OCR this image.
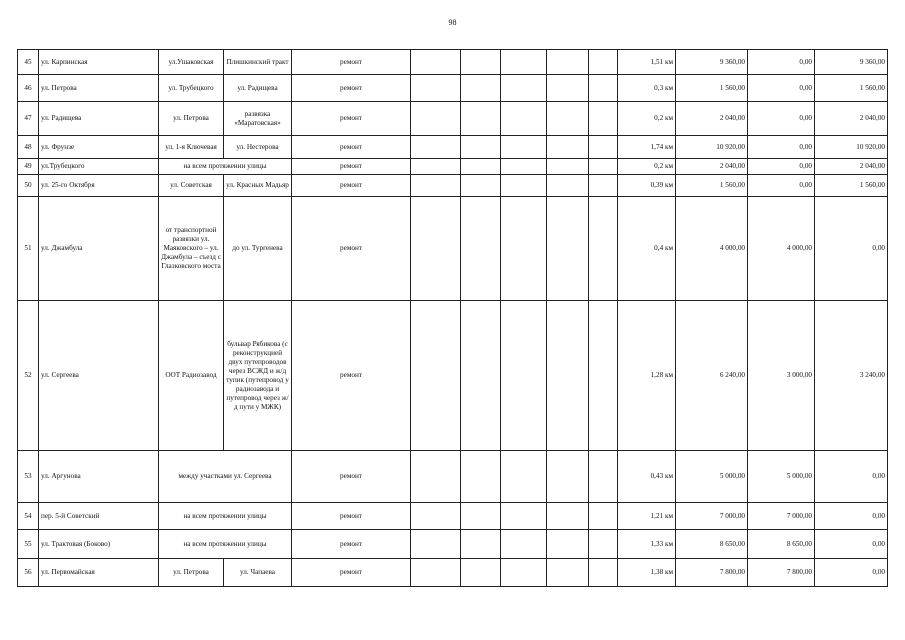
98
45	ул. Карпинская	ул.Ушаковская	Плишкинский тракт	ремонт						1,51 км	9 360,00	0,00	9 360,00
46	ул. Петрова	ул. Трубецкого	ул. Радищева	ремонт						0,3 км	1 560,00	0,00	1 560,00
47	ул. Радищева	ул. Петрова	развязка «Маратовская»	ремонт						0,2 км	2 040,00	0,00	2 040,00
48	ул. Фрунзе	ул. 1-я Ключевая	ул. Нестерова	ремонт						1,74 км	10 920,00	0,00	10 920,00
49	ул.Трубецкого	на всем протяжении улицы		ремонт						0,2 км	2 040,00	0,00	2 040,00
50	ул. 25-го Октября	ул. Советская	ул. Красных Мадьяр	ремонт						0,39 км	1 560,00	0,00	1 560,00
51	ул. Джамбула	от транспортной развязки ул. Маяковского – ул. Джамбула – съезд с Глазковского моста	до ул. Тургенева	ремонт						0,4 км	4 000,00	4 000,00	0,00
52	ул. Сергеева	ООТ Радиозавод	бульвар Рябикова (с реконструкцией двух путепроводов через ВСЖД и ж/д тупик (путепровод у радиозавода и путепровод через ж/д пути у МЖК)	ремонт						1,28 км	6 240,00	3 000,00	3 240,00
53	ул. Аргунова	между участками ул. Сергеева		ремонт						0,43 км	5 000,00	5 000,00	0,00
54	пер. 5-й Советский	на всем протяжении улицы		ремонт						1,21 км	7 000,00	7 000,00	0,00
55	ул. Трактовая (Боково)	на всем протяжении улицы		ремонт						1,33 км	8 650,00	8 650,00	0,00
56	ул. Первомайская	ул. Петрова	ул. Чапаева	ремонт						1,38 км	7 800,00	7 800,00	0,00
